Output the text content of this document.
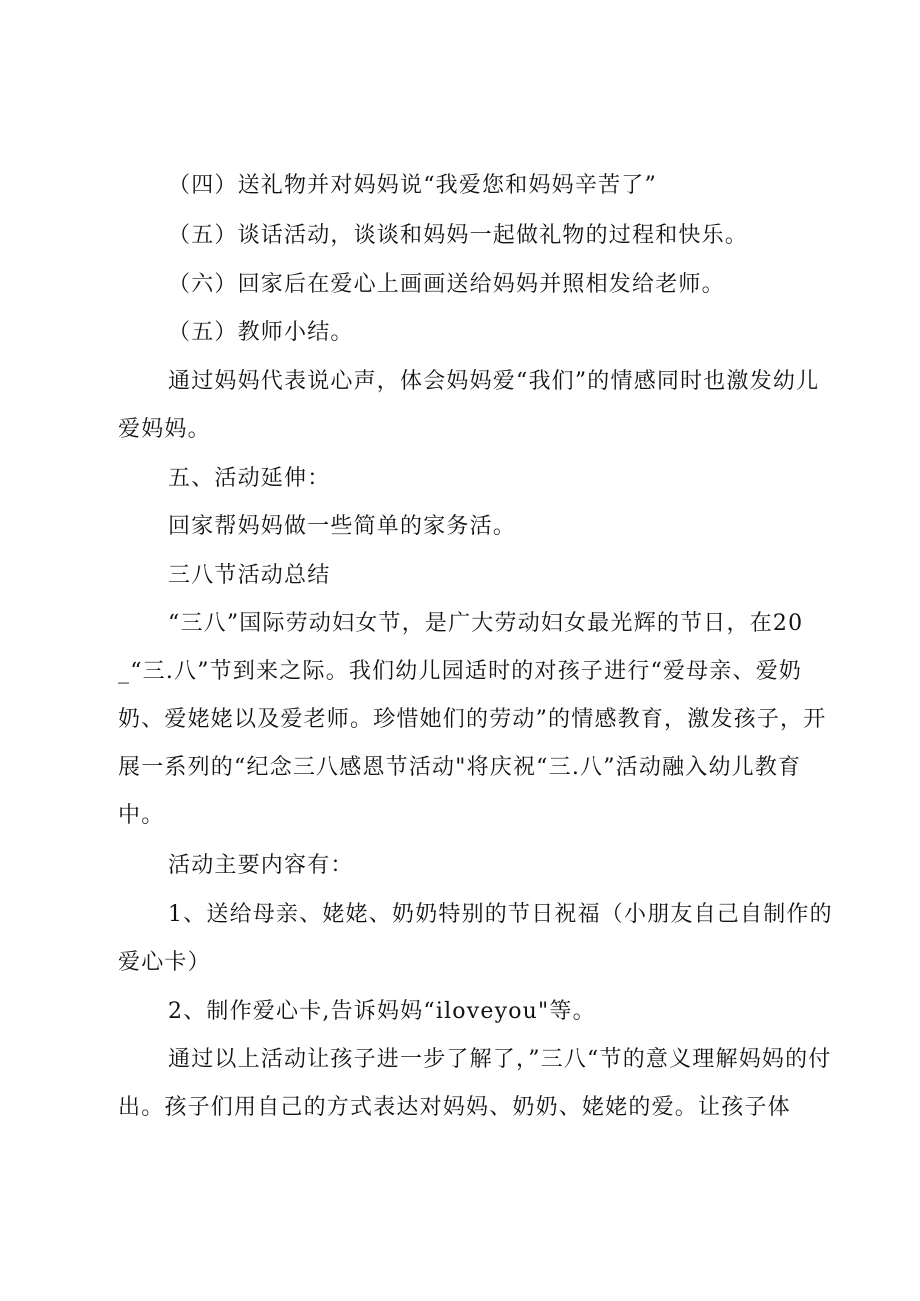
（四）送礼物并对妈妈说“我爱您和妈妈辛苦了”

（五）谈话活动，谈谈和妈妈一起做礼物的过程和快乐。

（六）回家后在爱心上画画送给妈妈并照相发给老师。

（五）教师小结。

通过妈妈代表说心声，体会妈妈爱“我们”的情感同时也激发幼儿爱妈妈。

五、活动延伸：

回家帮妈妈做一些简单的家务活。

三八节活动总结

“三八”国际劳动妇女节，是广大劳动妇女最光辉的节日，在20_“三.八”节到来之际。我们幼儿园适时的对孩子进行“爱母亲、爱奶奶、爱姥姥以及爱老师。珍惜她们的劳动”的情感教育，激发孩子，开展一系列的“纪念三八感恩节活动"将庆祝“三.八”活动融入幼儿教育中。

活动主要内容有：

1、送给母亲、姥姥、奶奶特别的节日祝福（小朋友自己自制作的爱心卡）

2、制作爱心卡,告诉妈妈“iloveyou"等。

通过以上活动让孩子进一步了解了，”三八“节的意义理解妈妈的付出。孩子们用自己的方式表达对妈妈、奶奶、姥姥的爱。让孩子体
